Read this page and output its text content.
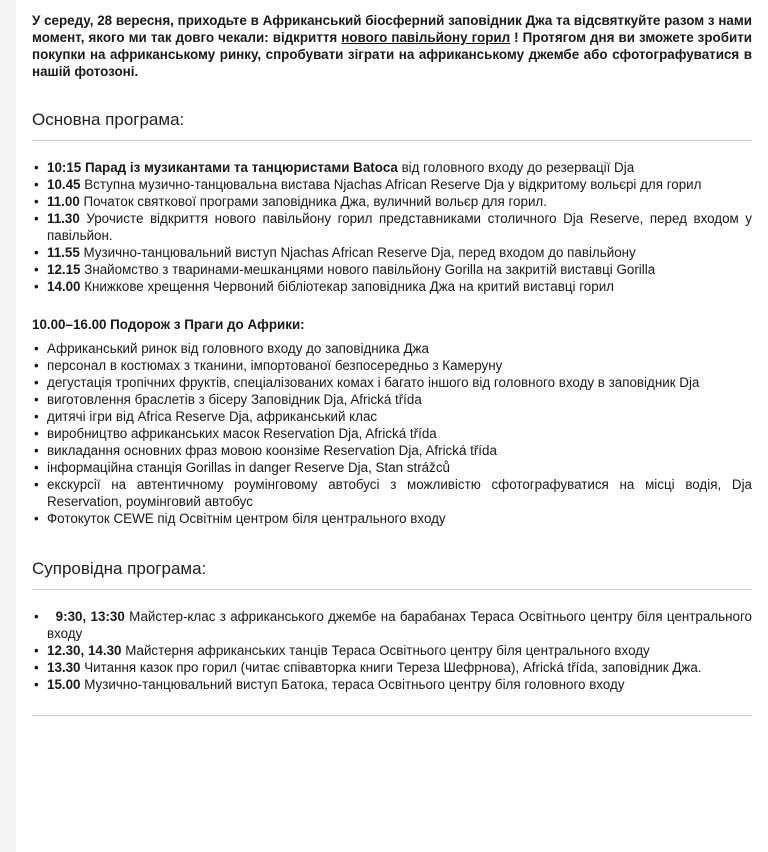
У середу, 28 вересня, приходьте в Африканський біосферний заповідник Джа та відсвяткуйте разом з нами момент, якого ми так довго чекали: відкриття нового павільйону горил ! Протягом дня ви зможете зробити покупки на африканському ринку, спробувати зіграти на африканському джембе або сфотографуватися в нашій фотозоні.

Основна програма:
• 10:15 Парад із музикантами та танцюристами Batoca від головного входу до резервації Dja
• 10.45 Вступна музично-танцювальна вистава Njachas African Reserve Dja у відкритому вольєрі для горил
• 11.00 Початок святкової програми заповідника Джа, вуличний вольєр для горил.
• 11.30 Урочисте відкриття нового павільйону горил представниками столичного Dja Reserve, перед входом у павільйон.
• 11.55 Музично-танцювальний виступ Njachas African Reserve Dja, перед входом до павільйону
• 12.15 Знайомство з тваринами-мешканцями нового павільйону Gorilla на закритій виставці Gorilla
• 14.00 Книжкове хрещення Червоний бібліотекар заповідника Джа на критий виставці горил

10.00–16.00 Подорож з Праги до Африки:

• Африканський ринок від головного входу до заповідника Джа
• персонал в костюмах з тканини, імпортованої безпосередньо з Камеруну
• дегустація тропічних фруктів, спеціалізованих комах і багато іншого від головного входу в заповідник Dja
• виготовлення браслетів з бісеру Заповідник Dja, Africká třída
• дитячі ігри від Africa Reserve Dja, африканський клас
• виробництво африканських масок Reservation Dja, Africká třída
• викладання основних фраз мовою коонзіме Reservation Dja, Africká třída
• інформаційна станція Gorillas in danger Reserve Dja, Stan strážců
• екскурсії на автентичному роумінговому автобусі з можливістю сфотографуватися на місці водія, Dja Reservation, роумінговий автобус
• Фотокуток CEWE під Освітнім центром біля центрального входу
Супровідна програма:
•   9:30, 13:30 Майстер-клас з африканського джембе на барабанах Тераса Освітнього центру біля центрального входу
• 12.30, 14.30 Майстерня африканських танців Тераса Освітнього центру біля центрального входу
• 13.30 Читання казок про горил (читає співавторка книги Тереза Шефрнова), Africká třída, заповідник Джа.
• 15.00 Музично-танцювальний виступ Батока, тераса Освітнього центру біля головного входу
